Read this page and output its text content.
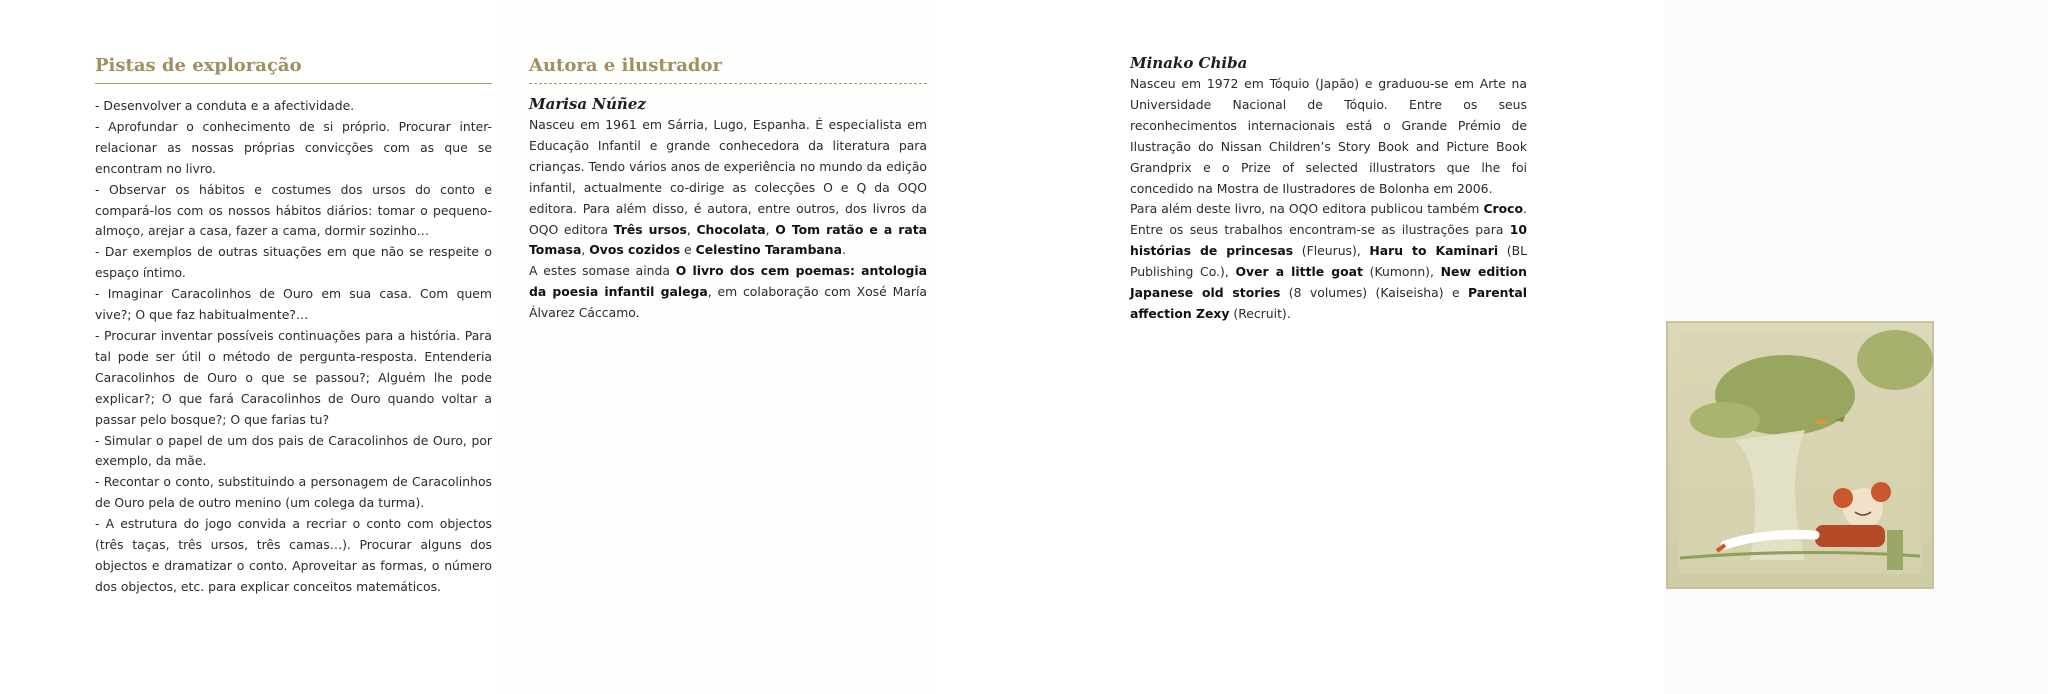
Pistas de exploração
- Desenvolver a conduta e a afectividade.
- Aprofundar o conhecimento de si próprio. Procurar inter-relacionar as nossas próprias convicções com as que se encontram no livro.
- Observar os hábitos e costumes dos ursos do conto e compará-los com os nossos hábitos diários: tomar o pequeno-almoço, arejar a casa, fazer a cama, dormir sozinho…
- Dar exemplos de outras situações em que não se respeite o espaço íntimo.
- Imaginar Caracolinhos de Ouro em sua casa. Com quem vive?; O que faz habitualmente?…
- Procurar inventar possíveis continuações para a história. Para tal pode ser útil o método de pergunta-resposta. Entenderia Caracolinhos de Ouro o que se passou?; Alguém lhe pode explicar?; O que fará Caracolinhos de Ouro quando voltar a passar pelo bosque?; O que farias tu?
- Simular o papel de um dos pais de Caracolinhos de Ouro, por exemplo, da mãe.
- Recontar o conto, substituindo a personagem de Caracolinhos de Ouro pela de outro menino (um colega da turma).
- A estrutura do jogo convida a recriar o conto com objectos (três taças, três ursos, três camas…). Procurar alguns dos objectos e dramatizar o conto. Aproveitar as formas, o número dos objectos, etc. para explicar conceitos matemáticos.
Autora e ilustrador
Marisa Núñez

Nasceu em 1961 em Sárria, Lugo, Espanha. É especialista em Educação Infantil e grande conhecedora da literatura para crianças. Tendo vários anos de experiência no mundo da edição infantil, actualmente co-dirige as colecções O e Q da OQO editora. Para além disso, é autora, entre outros, dos livros da OQO editora Três ursos, Chocolata, O Tom ratão e a rata Tomasa, Ovos cozidos e Celestino Tarambana.

A estes somase ainda O livro dos cem poemas: antologia da poesia infantil galega, em colaboração com Xosé María Álvarez Cáccamo.

Minako Chiba

Nasceu em 1972 em Tóquio (Japão) e graduou-se em Arte na Universidade Nacional de Tóquio. Entre os seus reconhecimentos internacionais está o Grande Prémio de Ilustração do Nissan Children’s Story Book and Picture Book Grandprix e o Prize of selected illustrators que lhe foi concedido na Mostra de Ilustradores de Bolonha em 2006.

Para além deste livro, na OQO editora publicou também Croco. Entre os seus trabalhos encontram-se as ilustrações para 10 histórias de princesas (Fleurus), Haru to Kaminari (BL Publishing Co.), Over a little goat (Kumonn), New edition Japanese old stories (8 volumes) (Kaiseisha) e Parental affection Zexy (Recruit).
